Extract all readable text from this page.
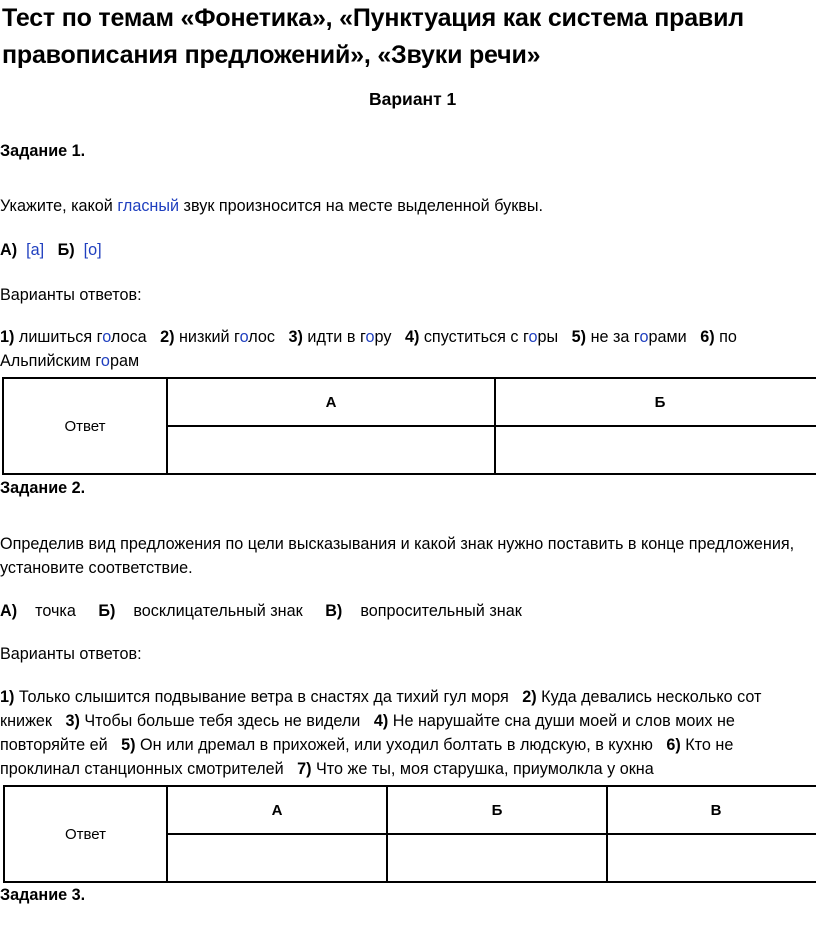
Тест по темам «Фонетика», «Пунктуация как система правил
правописания предложений», «Звуки речи»
Вариант 1
Задание 1.
Укажите, какой гласный звук произносится на месте выделенной буквы.
А) [а] Б) [о]
Варианты ответов:
1) лишиться голоса 2) низкий голос 3) идти в гору 4) спуститься с горы 5) не за горами 6) по
Альпийским горам
Ответ	А	Б

Задание 2.
Определив вид предложения по цели высказывания и какой знак нужно поставить в конце предложения,
установите соответствие.
А) точка Б) восклицательный знак В) вопросительный знак
Варианты ответов:
1) Только слышится подвывание ветра в снастях да тихий гул моря   2) Куда девались несколько сот
книжек   3) Чтобы больше тебя здесь не видели   4) Не нарушайте сна души моей и слов моих не
повторяйте ей   5) Он или дремал в прихожей, или уходил болтать в людскую, в кухню   6) Кто не
проклинал станционных смотрителей   7) Что же ты, моя старушка, приумолкла у окна
Ответ	А	Б	В

Задание 3.
